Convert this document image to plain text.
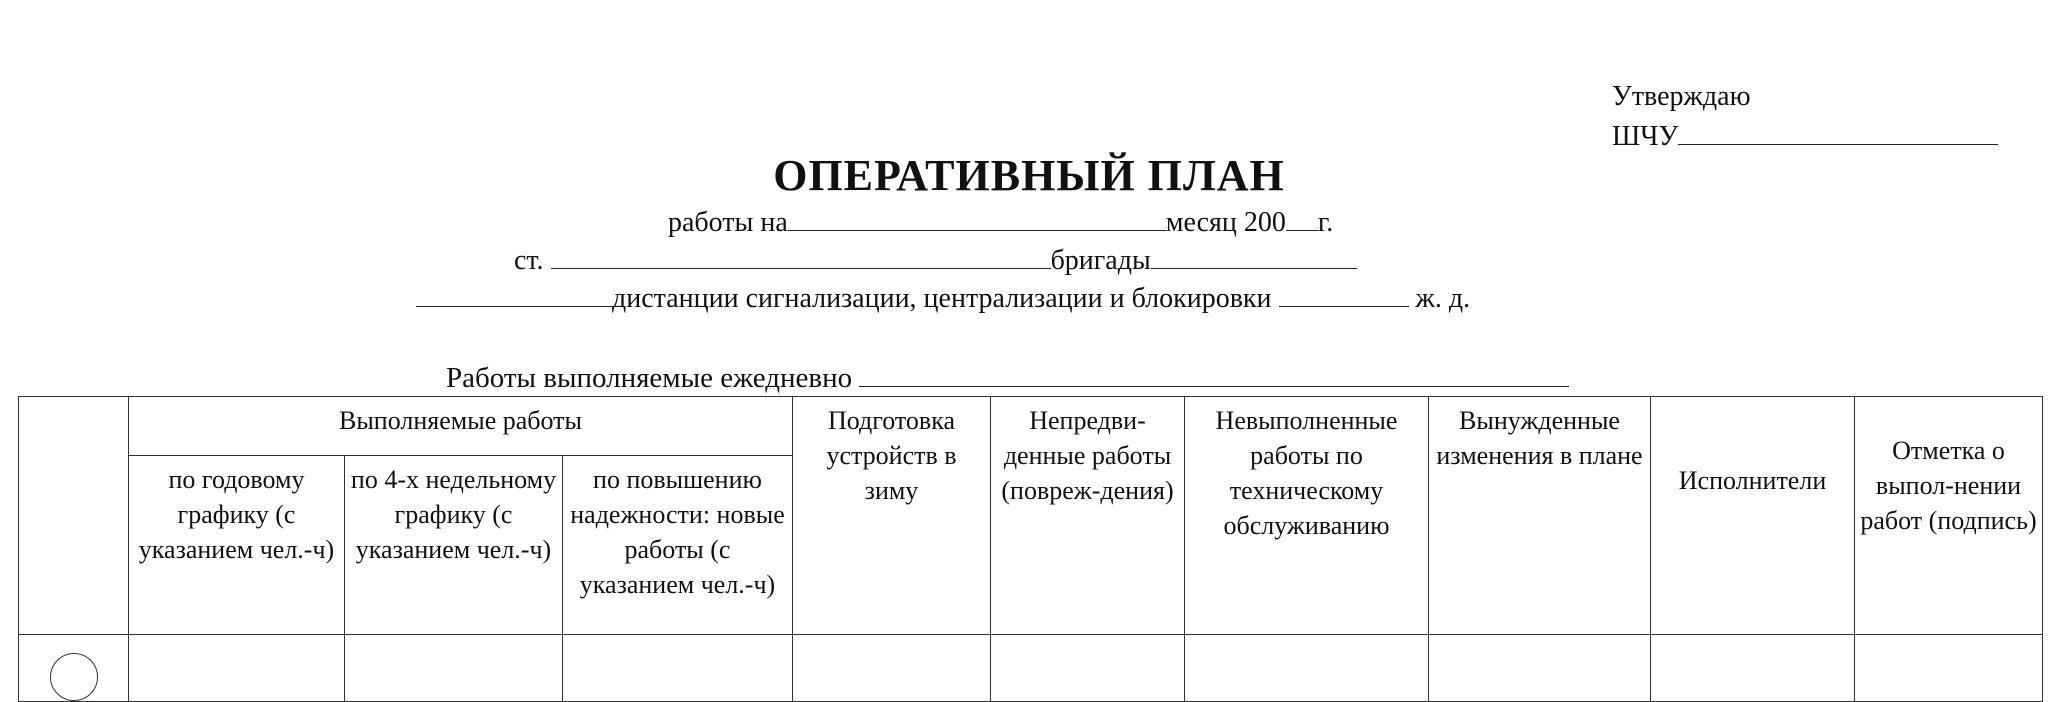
Утверждаю
ШЧУ
ОПЕРАТИВНЫЙ ПЛАН
работы на	месяц 200 г.
ст.	бригады
дистанции сигнализации, централизации и блокировки	ж. д.
Работы выполняемые ежедневно
	Выполняемые работы			Подготовка устройств в зиму	Непредви-денные работы (повреж-дения)	Невыполненные работы по техническому обслуживанию	Вынужденные изменения в плане	Исполнители	Отметка о выпол-нении работ (подпись)
	по годовому графику (с указанием чел.-ч)	по 4-х недельному графику (с указанием чел.-ч)	по повышению надежности: новые работы (с указанием чел.-ч)						
